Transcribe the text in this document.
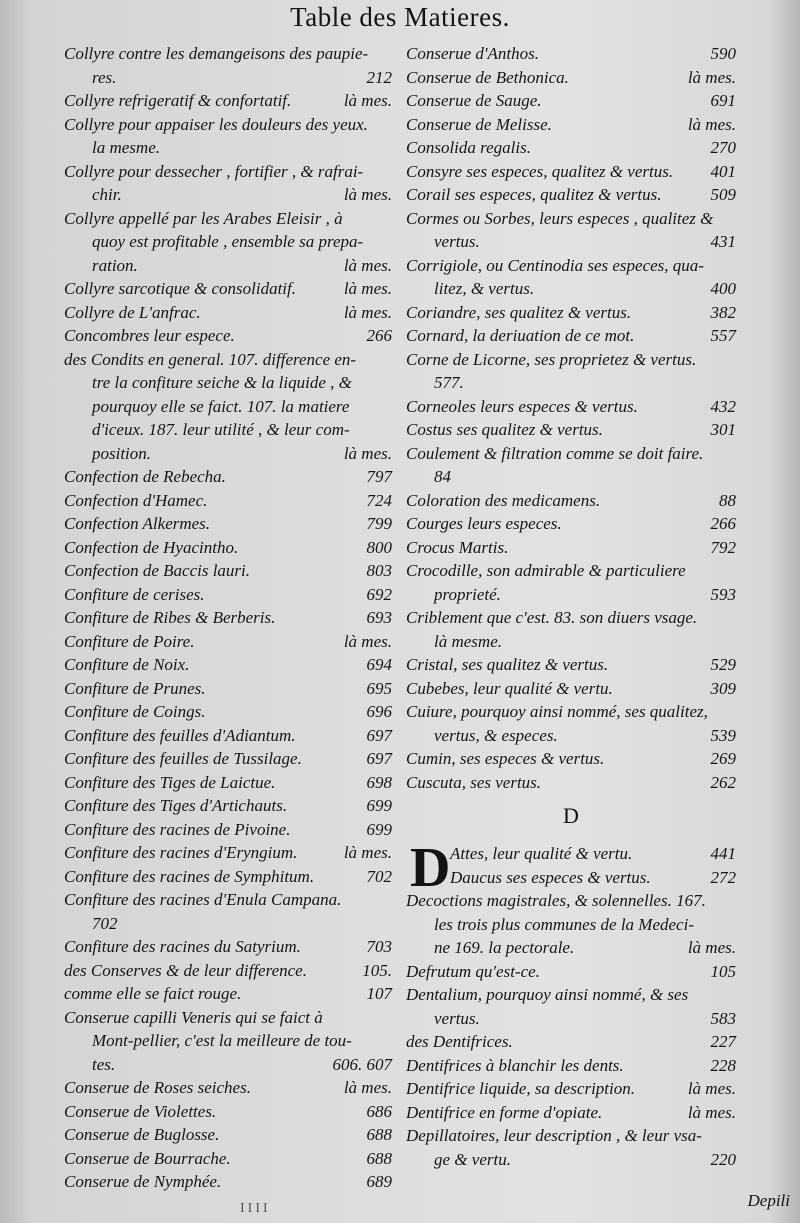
Table des Matieres.
Collyre contre les demangeisons des paupie-
res.	212
Collyre refrigeratif & confortatif.	là mes.
Collyre pour appaiser les douleurs des yeux.
la mesme.
Collyre pour dessecher , fortifier , & rafrai-
chir.	là mes.
Collyre appellé par les Arabes Eleisir , à
quoy est profitable , ensemble sa prepa-
ration.	là mes.
Collyre sarcotique & consolidatif.	là mes.
Collyre de L'anfrac.	là mes.
Concombres leur espece.	266
des Condits en general. 107. difference en-
tre la confiture seiche & la liquide , &
pourquoy elle se faict. 107. la matiere
d'iceux. 187. leur utilité , & leur com-
position.	là mes.
Confection de Rebecha.	797
Confection d'Hamec.	724
Confection Alkermes.	799
Confection de Hyacintho.	800
Confection de Baccis lauri.	803
Confiture de cerises.	692
Confiture de Ribes & Berberis.	693
Confiture de Poire.	là mes.
Confiture de Noix.	694
Confiture de Prunes.	695
Confiture de Coings.	696
Confiture des feuilles d'Adiantum.	697
Confiture des feuilles de Tussilage.	697
Confiture des Tiges de Laictue.	698
Confiture des Tiges d'Artichauts.	699
Confiture des racines de Pivoine.	699
Confiture des racines d'Eryngium.	là mes.
Confiture des racines de Symphitum.	702
Confiture des racines d'Enula Campana.
702
Confiture des racines du Satyrium.	703
des Conserves & de leur difference.	105.
comme elle se faict rouge.	107
Conserue capilli Veneris qui se faict à
Mont-pellier, c'est la meilleure de tou-
tes.	606. 607
Conserue de Roses seiches.	là mes.
Conserue de Violettes.	686
Conserue de Buglosse.	688
Conserue de Bourrache.	688
Conserue de Nymphée.	689
Conserue d'Anthos.	590
Conserue de Bethonica.	là mes.
Conserue de Sauge.	691
Conserue de Melisse.	là mes.
Consolida regalis.	270
Consyre ses especes, qualitez & vertus.	401
Corail ses especes, qualitez & vertus.	509
Cormes ou Sorbes, leurs especes , qualitez &
vertus.	431
Corrigiole, ou Centinodia ses especes, qua-
litez, & vertus.	400
Coriandre, ses qualitez & vertus.	382
Cornard, la deriuation de ce mot.	557
Corne de Licorne, ses proprietez & vertus.
577.
Corneoles leurs especes & vertus.	432
Costus ses qualitez & vertus.	301
Coulement & filtration comme se doit faire.
84
Coloration des medicamens.	88
Courges leurs especes.	266
Crocus Martis.	792
Crocodille, son admirable & particuliere
proprieté.	593
Criblement que c'est. 83. son diuers vsage.
là mesme.
Cristal, ses qualitez & vertus.	529
Cubebes, leur qualité & vertu.	309
Cuiure, pourquoy ainsi nommé, ses qualitez,
vertus, & especes.	539
Cumin, ses especes & vertus.	269
Cuscuta, ses vertus.	262
D
D Attes, leur qualité & vertu.	441
Daucus ses especes & vertus.	272
Decoctions magistrales, & solennelles. 167.
les trois plus communes de la Medeci-
ne 169. la pectorale.	là mes.
Defrutum qu'est-ce.	105
Dentalium, pourquoy ainsi nommé, & ses
vertus.	583
des Dentifrices.	227
Dentifrices à blanchir les dents.	228
Dentifrice liquide, sa description.	là mes.
Dentifrice en forme d'opiate.	là mes.
Depillatoires, leur description , & leur vsa-
ge & vertu.	220
IIII	Depili
